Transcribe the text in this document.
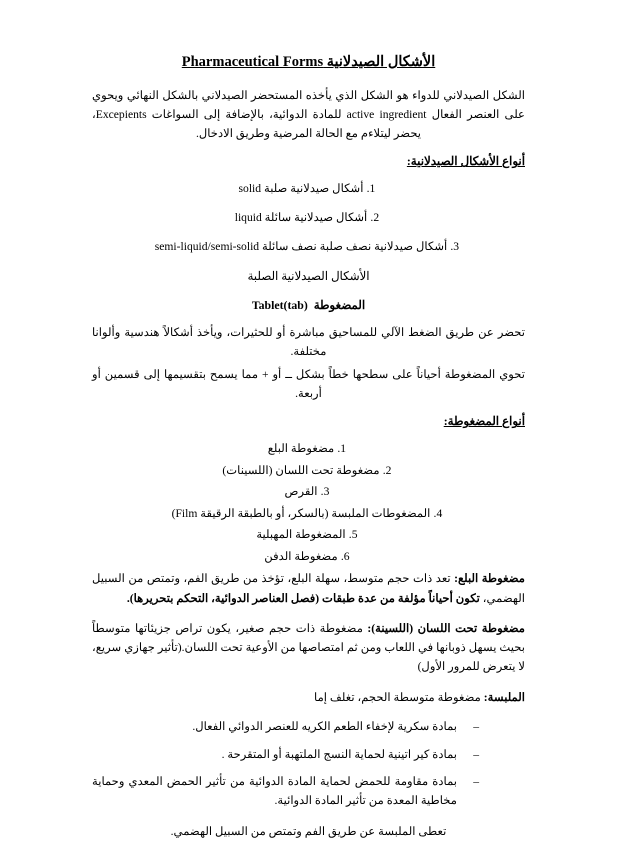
الأشكال الصيدلانية Pharmaceutical Forms

الشكل الصيدلاني للدواء هو الشكل الذي يأخذه المستحضر الصيدلاني بالشكل النهائي ويحوي على العنصر الفعال active ingredient للمادة الدوائية، بالإضافة إلى السواغات Excepients، يحضر ليتلاءم مع الحالة المرضية وطريق الادخال.

أنواع الأشكال الصيدلانية:
1.أشكال صيدلانية صلبة solid
2.أشكال صيدلانية سائلة liquid
3.أشكال صيدلانية نصف صلبة نصف سائلة semi-liquid/semi-solid
الأشكال الصيدلانية الصلبة
المضغوطة  Tablet(tab)

تحضر عن طريق الضغط الآلي للمساحيق مباشرة أو للحثيرات، ويأخذ أشكالاً هندسية وألوانا مختلفة.

تحوي المضغوطة أحياناً على سطحها خطاً بشكل ــ أو + مما يسمح بتقسيمها إلى قسمين أو أربعة.

أنواع المضغوطة:
1.مضغوطة البلع
2.مضغوطة تحت اللسان (اللسينات)
3.القرص
4.المضغوطات الملبسة (بالسكر، أو بالطبقة الرقيقة Film)
5.المضغوطة المهبلية
6.مضغوطة الدفن

مضغوطة البلع: تعد ذات حجم متوسط، سهلة البلع، تؤخذ من طريق الفم، وتمتص من السبيل الهضمي، تكون أحياناً مؤلفة من عدة طبقات (فصل العناصر الدوائية، التحكم بتحريرها).

مضغوطة تحت اللسان (اللسينة): مضغوطة ذات حجم صغير، يكون تراص جزيئاتها متوسطاً بحيث يسهل ذوبانها في اللعاب ومن ثم امتصاصها من الأوعية تحت اللسان.(تأثير جهازي سريع، لا يتعرض للمرور الأول)

الملبسة: مضغوطة متوسطة الحجم، تغلف إما

–
بمادة سكرية لإخفاء الطعم الكريه للعنصر الدوائي الفعال.
–
بمادة كير اتينية لحماية النسج الملتهبة أو المتقرحة .
–
بمادة مقاومة للحمض لحماية المادة الدوائية من تأثير الحمض المعدي وحماية مخاطية المعدة من تأثير المادة الدوائية.

تعطى الملبسة عن طريق الفم وتمتص من السبيل الهضمي.
